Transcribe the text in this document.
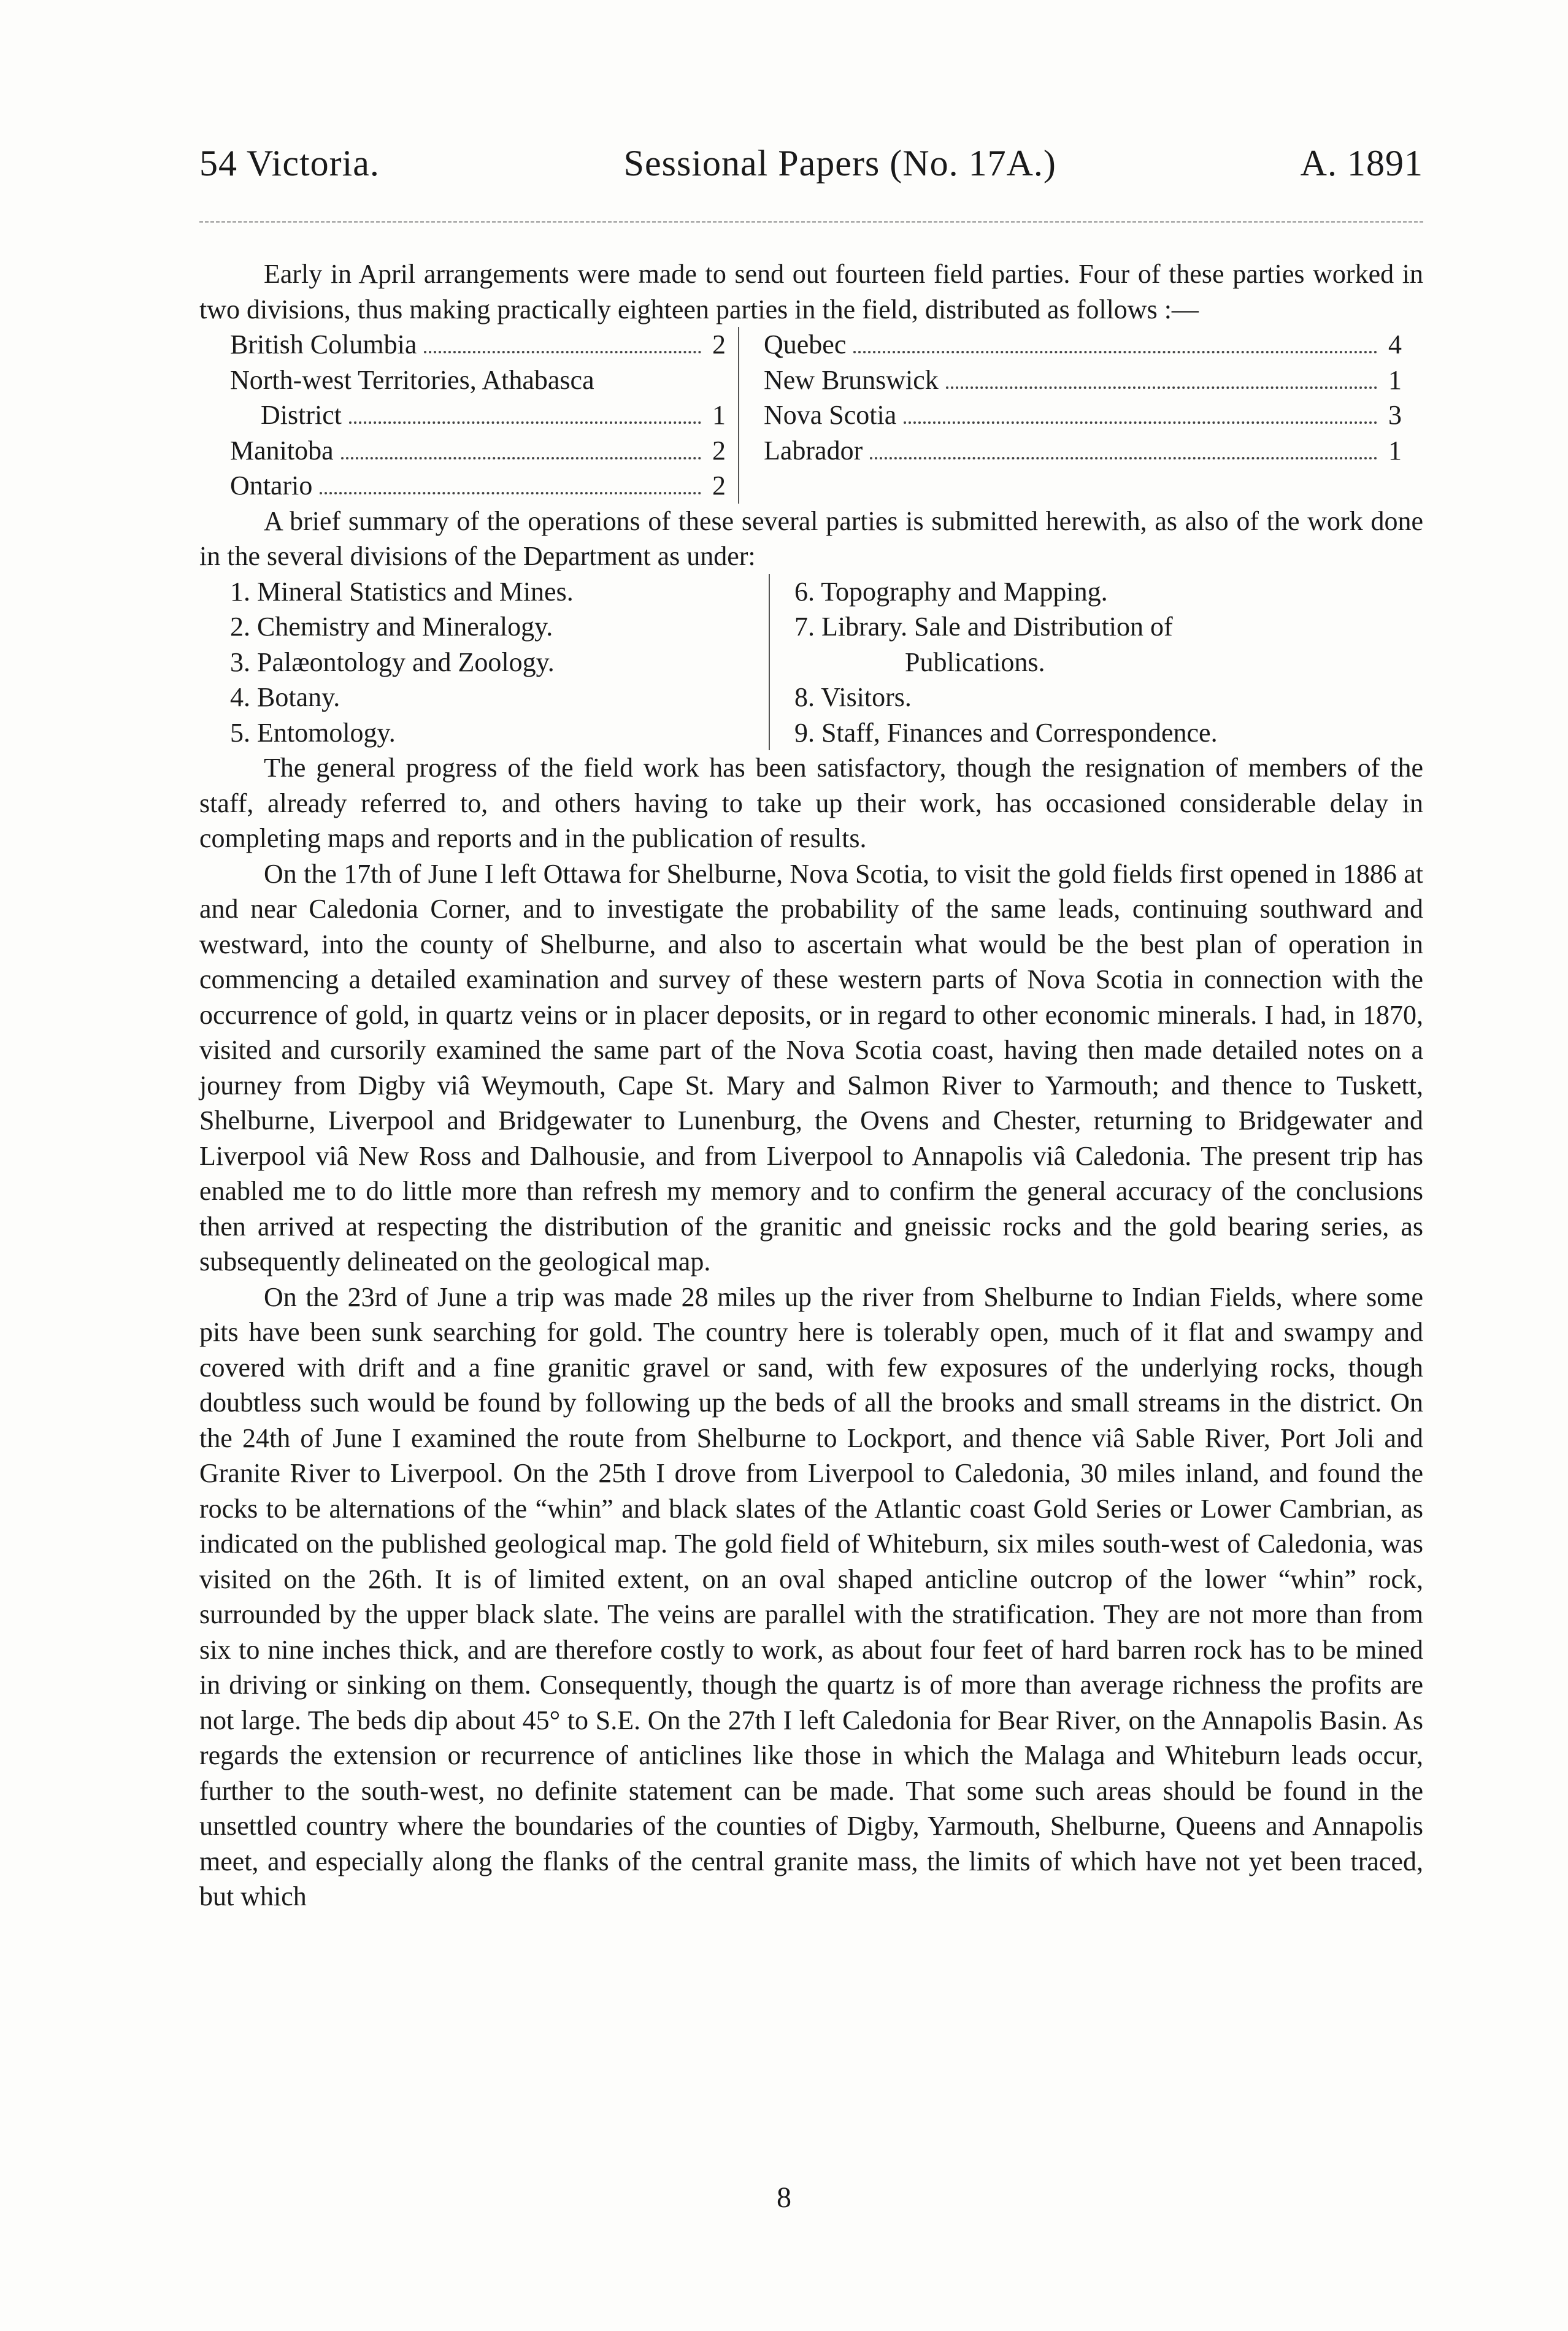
54 Victoria.	Sessional Papers (No. 17A.)	A. 1891

Early in April arrangements were made to send out fourteen field parties. Four of these parties worked in two divisions, thus making practically eighteen parties in the field, distributed as follows :—

British Columbia	2
North-west Territories, Athabasca
District	1
Manitoba	2
Ontario	2
Quebec	4
New Brunswick	1
Nova Scotia	3
Labrador	1

A brief summary of the operations of these several parties is submitted herewith, as also of the work done in the several divisions of the Department as under:

1. Mineral Statistics and Mines.
2. Chemistry and Mineralogy.
3. Palæontology and Zoology.
4. Botany.
5. Entomology.
6. Topography and Mapping.
7. Library. Sale and Distribution of
Publications.
8. Visitors.
9. Staff, Finances and Correspondence.

The general progress of the field work has been satisfactory, though the resignation of members of the staff, already referred to, and others having to take up their work, has occasioned considerable delay in completing maps and reports and in the publication of results.

On the 17th of June I left Ottawa for Shelburne, Nova Scotia, to visit the gold fields first opened in 1886 at and near Caledonia Corner, and to investigate the probability of the same leads, continuing southward and westward, into the county of Shelburne, and also to ascertain what would be the best plan of operation in commencing a detailed examination and survey of these western parts of Nova Scotia in connection with the occurrence of gold, in quartz veins or in placer deposits, or in regard to other economic minerals. I had, in 1870, visited and cursorily examined the same part of the Nova Scotia coast, having then made detailed notes on a journey from Digby viâ Weymouth, Cape St. Mary and Salmon River to Yarmouth; and thence to Tuskett, Shelburne, Liverpool and Bridgewater to Lunenburg, the Ovens and Chester, returning to Bridgewater and Liverpool viâ New Ross and Dalhousie, and from Liverpool to Annapolis viâ Caledonia. The present trip has enabled me to do little more than refresh my memory and to confirm the general accuracy of the conclusions then arrived at respecting the distribution of the granitic and gneissic rocks and the gold bearing series, as subsequently delineated on the geological map.

On the 23rd of June a trip was made 28 miles up the river from Shelburne to Indian Fields, where some pits have been sunk searching for gold. The country here is tolerably open, much of it flat and swampy and covered with drift and a fine granitic gravel or sand, with few exposures of the underlying rocks, though doubtless such would be found by following up the beds of all the brooks and small streams in the district. On the 24th of June I examined the route from Shelburne to Lockport, and thence viâ Sable River, Port Joli and Granite River to Liverpool. On the 25th I drove from Liverpool to Caledonia, 30 miles inland, and found the rocks to be alternations of the “whin” and black slates of the Atlantic coast Gold Series or Lower Cambrian, as indicated on the published geological map. The gold field of Whiteburn, six miles south-west of Caledonia, was visited on the 26th. It is of limited extent, on an oval shaped anticline outcrop of the lower “whin” rock, surrounded by the upper black slate. The veins are parallel with the stratification. They are not more than from six to nine inches thick, and are therefore costly to work, as about four feet of hard barren rock has to be mined in driving or sinking on them. Consequently, though the quartz is of more than average richness the profits are not large. The beds dip about 45° to S.E. On the 27th I left Caledonia for Bear River, on the Annapolis Basin. As regards the extension or recurrence of anticlines like those in which the Malaga and Whiteburn leads occur, further to the south-west, no definite statement can be made. That some such areas should be found in the unsettled country where the boundaries of the counties of Digby, Yarmouth, Shelburne, Queens and Annapolis meet, and especially along the flanks of the central granite mass, the limits of which have not yet been traced, but which

8
